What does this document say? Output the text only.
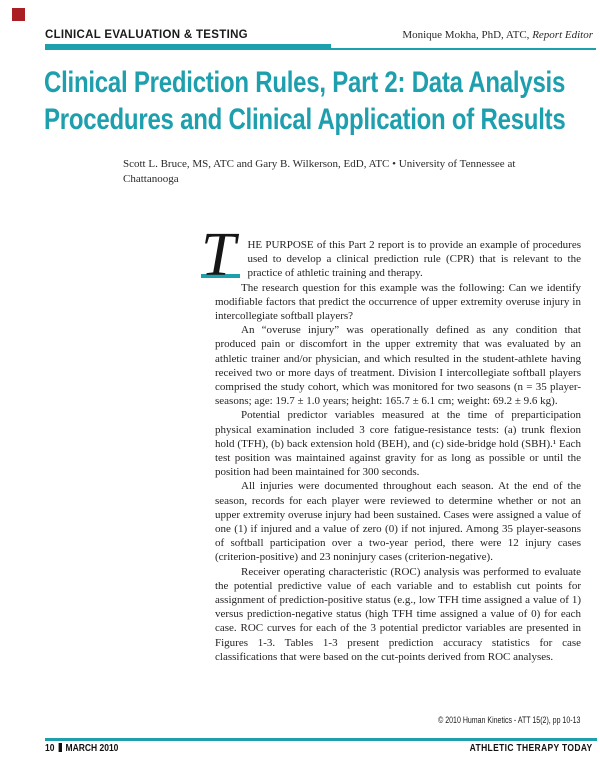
CLINICAL EVALUATION & TESTING	Monique Mokha, PhD, ATC, Report Editor
Clinical Prediction Rules, Part 2: Data Analysis
Procedures and Clinical Application of Results

Scott L. Bruce, MS, ATC and Gary B. Wilkerson, EdD, ATC • University of Tennessee at
Chattanooga

T	HE PURPOSE of this Part 2 report is to provide an example of procedures used to develop a clinical prediction rule (CPR) that is relevant to the practice of athletic training and therapy.

The research question for this example was the following: Can we identify modifiable factors that predict the occurrence of upper extremity overuse injury in intercollegiate softball players?

An “overuse injury” was operationally defined as any condition that produced pain or discomfort in the upper extremity that was evaluated by an athletic trainer and/or physician, and which resulted in the student-athlete having received two or more days of treatment. Division I intercollegiate softball players comprised the study cohort, which was monitored for two seasons (n = 35 player-seasons; age: 19.7 ± 1.0 years; height: 165.7 ± 6.1 cm; weight: 69.2 ± 9.6 kg).

Potential predictor variables measured at the time of preparticipation physical examination included 3 core fatigue-resistance tests: (a) trunk flexion hold (TFH), (b) back extension hold (BEH), and (c) side-bridge hold (SBH).¹ Each test position was maintained against gravity for as long as possible or until the position had been maintained for 300 seconds.

All injuries were documented throughout each season. At the end of the season, records for each player were reviewed to determine whether or not an upper extremity overuse injury had been sustained. Cases were assigned a value of one (1) if injured and a value of zero (0) if not injured. Among 35 player-seasons of softball participation over a two-year period, there were 12 injury cases (criterion-positive) and 23 noninjury cases (criterion-negative).

Receiver operating characteristic (ROC) analysis was performed to evaluate the potential predictive value of each variable and to establish cut points for assignment of prediction-positive status (e.g., low TFH time assigned a value of 1) versus prediction-negative status (high TFH time assigned a value of 0) for each case. ROC curves for each of the 3 potential predictor variables are presented in Figures 1-3. Tables 1-3 present prediction accuracy statistics for case classifications that were based on the cut-points derived from ROC analyses.

© 2010 Human Kinetics - ATT 15(2), pp 10-13

10 MARCH 2010	ATHLETIC THERAPY TODAY
